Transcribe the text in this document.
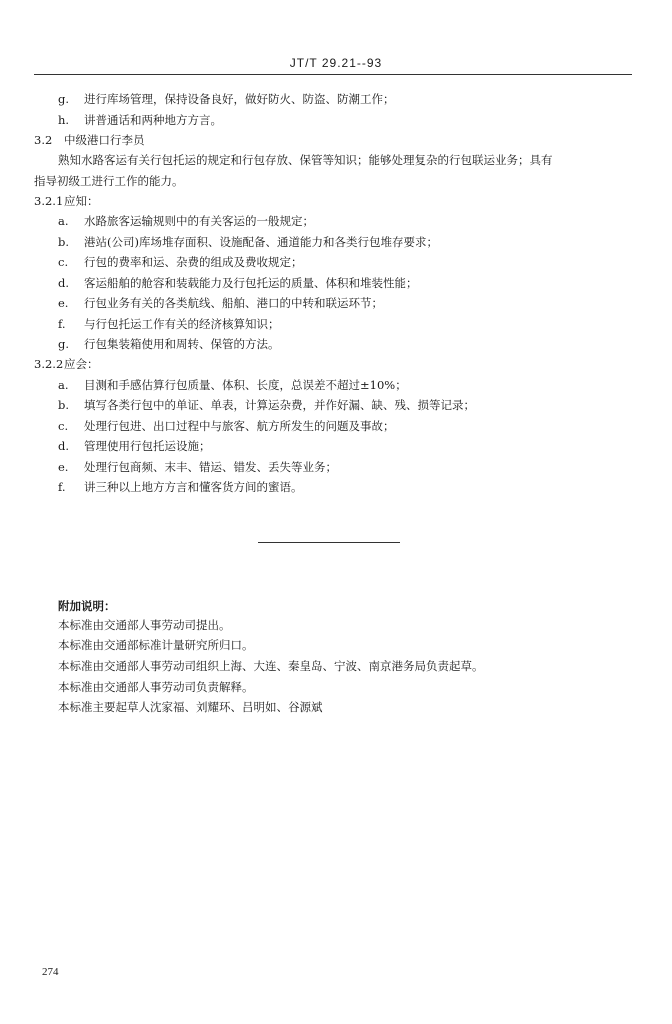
JT/T 29.21--93
g. 进行库场管理，保持设备良好，做好防火、防盗、防潮工作；
h. 讲普通话和两种地方方言。
3.2 中级港口行李员
熟知水路客运有关行包托运的规定和行包存放、保管等知识；能够处理复杂的行包联运业务；具有
指导初级工进行工作的能力。
3.2.1应知：
a. 水路旅客运输规则中的有关客运的一般规定；
b. 港站(公司)库场堆存面积、设施配备、通道能力和各类行包堆存要求；
c. 行包的费率和运、杂费的组成及费收规定；
d. 客运船舶的舱容和装载能力及行包托运的质量、体积和堆装性能；
e. 行包业务有关的各类航线、船舶、港口的中转和联运环节；
f. 与行包托运工作有关的经济核算知识；
g. 行包集装箱使用和周转、保管的方法。
3.2.2应会：
a. 目测和手感估算行包质量、体积、长度，总误差不超过±10%；
b. 填写各类行包中的单证、单表，计算运杂费，并作好漏、缺、残、损等记录；
c. 处理行包进、出口过程中与旅客、航方所发生的问题及事故；
d. 管理使用行包托运设施；
e. 处理行包商频、末丰、错运、错发、丢失等业务；
f. 讲三种以上地方方言和懂客货方间的蜜语。
附加说明：
本标准由交通部人事劳动司提出。
本标准由交通部标准计量研究所归口。
本标准由交通部人事劳动司组织上海、大连、秦皇岛、宁波、南京港务局负责起草。
本标准由交通部人事劳动司负责解释。
本标准主要起草人沈家福、刘耀环、吕明如、谷源斌
274
